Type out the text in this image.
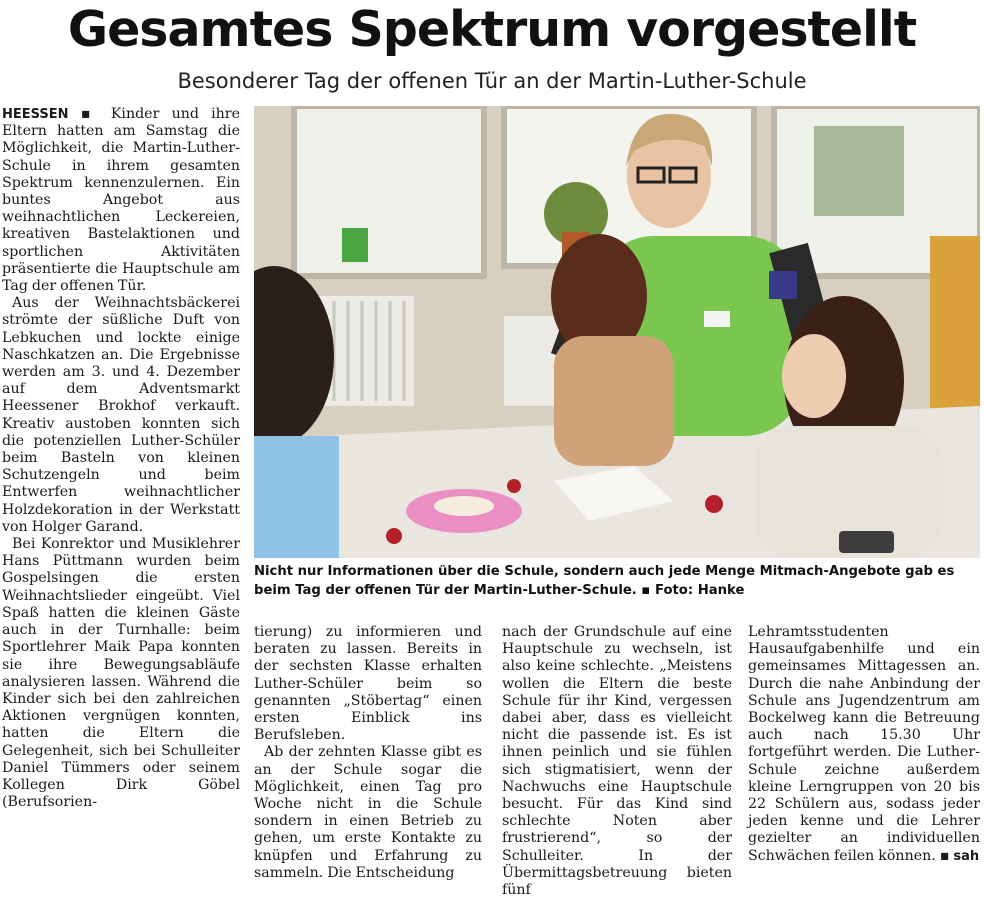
Gesamtes Spektrum vorgestellt
Besonderer Tag der offenen Tür an der Martin-Luther-Schule

HEESSEN ▪ Kinder und ihre Eltern hatten am Samstag die Möglichkeit, die Martin-Luther-Schule in ihrem gesamten Spektrum kennenzulernen. Ein buntes Angebot aus weihnachtlichen Leckereien, kreativen Bastelaktionen und sportlichen Aktivitäten präsentierte die Hauptschule am Tag der offenen Tür.

Aus der Weihnachtsbäckerei strömte der süßliche Duft von Lebkuchen und lockte einige Naschkatzen an. Die Ergebnisse werden am 3. und 4. Dezember auf dem Adventsmarkt Heessener Brokhof verkauft. Kreativ austoben konnten sich die potenziellen Luther-Schüler beim Basteln von kleinen Schutzengeln und beim Entwerfen weihnachtlicher Holzdekoration in der Werkstatt von Holger Garand.

Bei Konrektor und Musiklehrer Hans Püttmann wurden beim Gospelsingen die ersten Weihnachtslieder eingeübt. Viel Spaß hatten die kleinen Gäste auch in der Turnhalle: beim Sportlehrer Maik Papa konnten sie ihre Bewegungsabläufe analysieren lassen. Während die Kinder sich bei den zahlreichen Aktionen vergnügen konnten, hatten die Eltern die Gelegenheit, sich bei Schulleiter Daniel Tümmers oder seinem Kollegen Dirk Göbel (Berufsorien-

Nicht nur Informationen über die Schule, sondern auch jede Menge Mitmach-Angebote gab es beim Tag der offenen Tür der Martin-Luther-Schule. ▪ Foto: Hanke

tierung) zu informieren und beraten zu lassen. Bereits in der sechsten Klasse erhalten Luther-Schüler beim so genannten „Stöbertag“ einen ersten Einblick ins Berufsleben.

Ab der zehnten Klasse gibt es an der Schule sogar die Möglichkeit, einen Tag pro Woche nicht in die Schule sondern in einen Betrieb zu gehen, um erste Kontakte zu knüpfen und Erfahrung zu sammeln. Die Entscheidung

nach der Grundschule auf eine Hauptschule zu wechseln, ist also keine schlechte. „Meistens wollen die Eltern die beste Schule für ihr Kind, vergessen dabei aber, dass es vielleicht nicht die passende ist. Es ist ihnen peinlich und sie fühlen sich stigmatisiert, wenn der Nachwuchs eine Hauptschule besucht. Für das Kind sind schlechte Noten aber frustrierend“, so der Schulleiter. In der Übermittagsbetreuung bieten fünf

Lehramtsstudenten Hausaufgabenhilfe und ein gemeinsames Mittagessen an. Durch die nahe Anbindung der Schule ans Jugendzentrum am Bockelweg kann die Betreuung auch nach 15.30 Uhr fortgeführt werden. Die Luther-Schule zeichne außerdem kleine Lerngruppen von 20 bis 22 Schülern aus, sodass jeder jeden kenne und die Lehrer gezielter an individuellen Schwächen feilen können. ▪ sah
